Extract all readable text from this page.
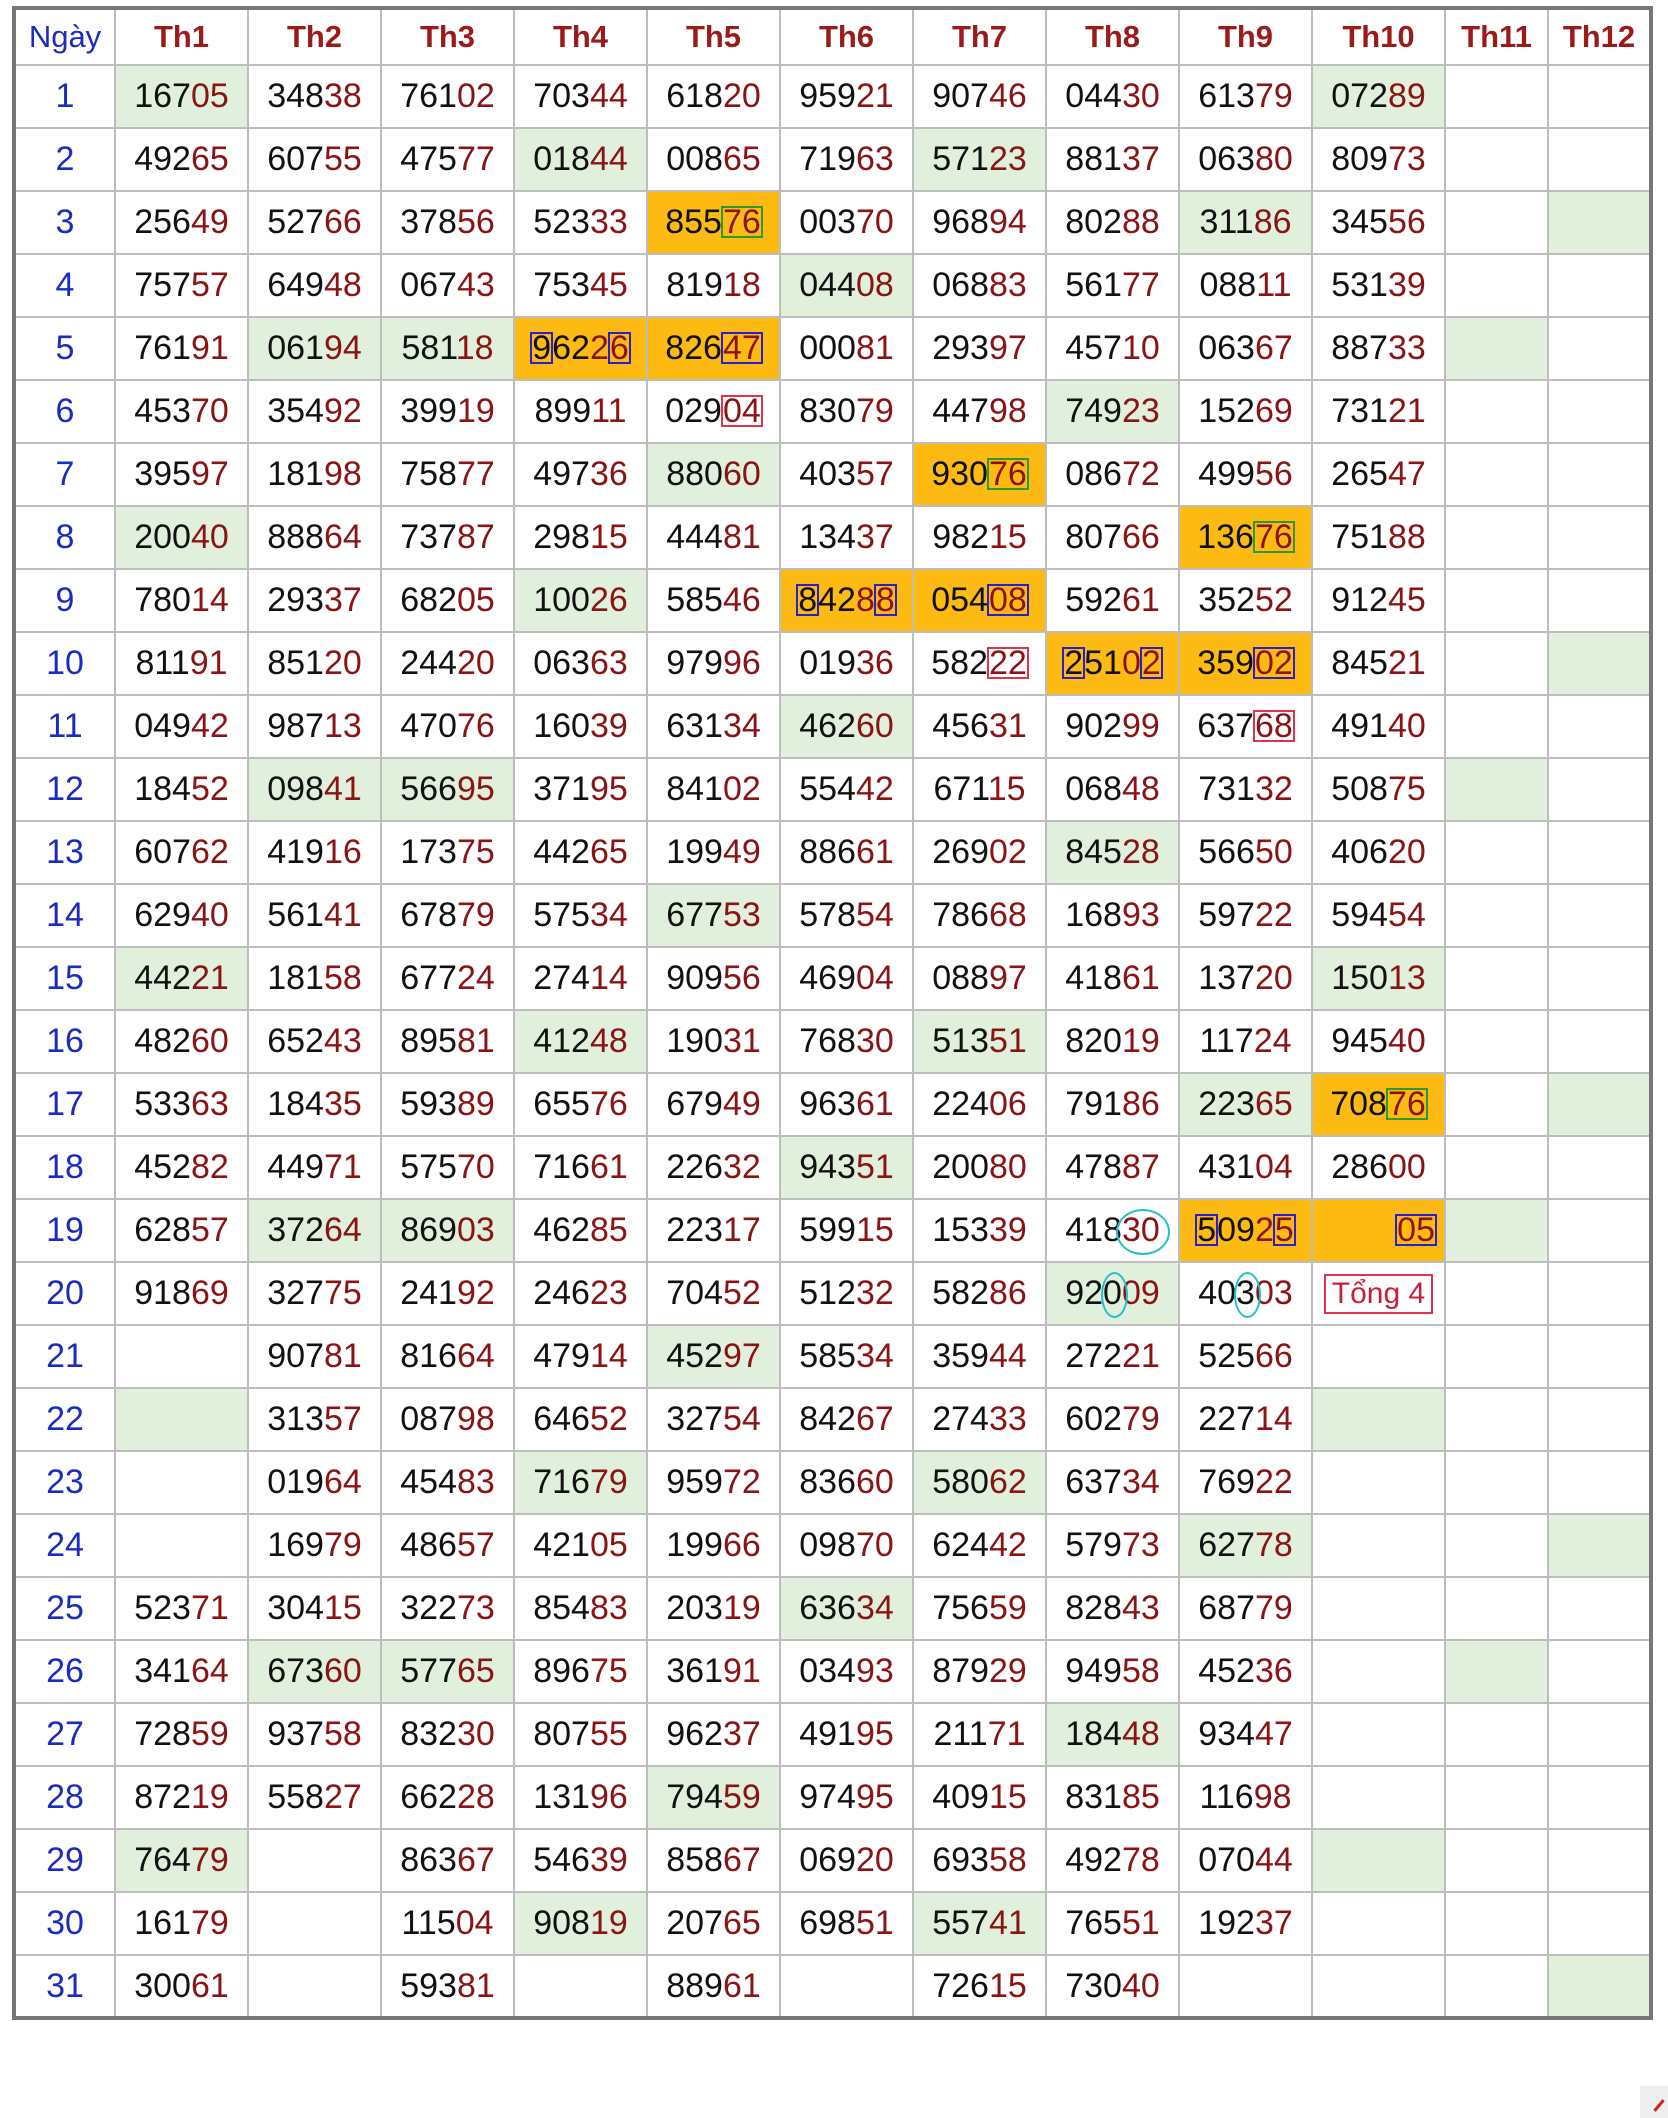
Ngày	Th1	Th2	Th3	Th4	Th5	Th6	Th7	Th8	Th9	Th10	Th11	Th12
1	16705	34838	76102	70344	61820	95921	90746	04430	61379	07289		
2	49265	60755	47577	01844	00865	71963	57123	88137	06380	80973		
3	25649	52766	37856	52333	85576	00370	96894	80288	31186	34556		
4	75757	64948	06743	75345	81918	04408	06883	56177	08811	53139		
5	76191	06194	58118	96226	82647	00081	29397	45710	06367	88733		
6	45370	35492	39919	89911	02904	83079	44798	74923	15269	73121		
7	39597	18198	75877	49736	88060	40357	93076	08672	49956	26547		
8	20040	88864	73787	29815	44481	13437	98215	80766	13676	75188		
9	78014	29337	68205	10026	58546	84288	05408	59261	35252	91245		
10	81191	85120	24420	06363	97996	01936	58222	25102	35902	84521		
11	04942	98713	47076	16039	63134	46260	45631	90299	63768	49140		
12	18452	09841	56695	37195	84102	55442	67115	06848	73132	50875		
13	60762	41916	17375	44265	19949	88661	26902	84528	56650	40620		
14	62940	56141	67879	57534	67753	57854	78668	16893	59722	59454		
15	44221	18158	67724	27414	90956	46904	08897	41861	13720	15013		
16	48260	65243	89581	41248	19031	76830	51351	82019	11724	94540		
17	53363	18435	59389	65576	67949	96361	22406	79186	22365	70876		
18	45282	44971	57570	71661	22632	94351	20080	47887	43104	28600		
19	62857	37264	86903	46285	22317	59915	15339	41830	50925	05		
20	91869	32775	24192	24623	70452	51232	58286	92009	40303	Tổng 4		
21		90781	81664	47914	45297	58534	35944	27221	52566			
22		31357	08798	64652	32754	84267	27433	60279	22714			
23		01964	45483	71679	95972	83660	58062	63734	76922			
24		16979	48657	42105	19966	09870	62442	57973	62778			
25	52371	30415	32273	85483	20319	63634	75659	82843	68779			
26	34164	67360	57765	89675	36191	03493	87929	94958	45236			
27	72859	93758	83230	80755	96237	49195	21171	18448	93447			
28	87219	55827	66228	13196	79459	97495	40915	83185	11698			
29	76479		86367	54639	85867	06920	69358	49278	07044			
30	16179		11504	90819	20765	69851	55741	76551	19237			
31	30061		59381		88961		72615	73040				
